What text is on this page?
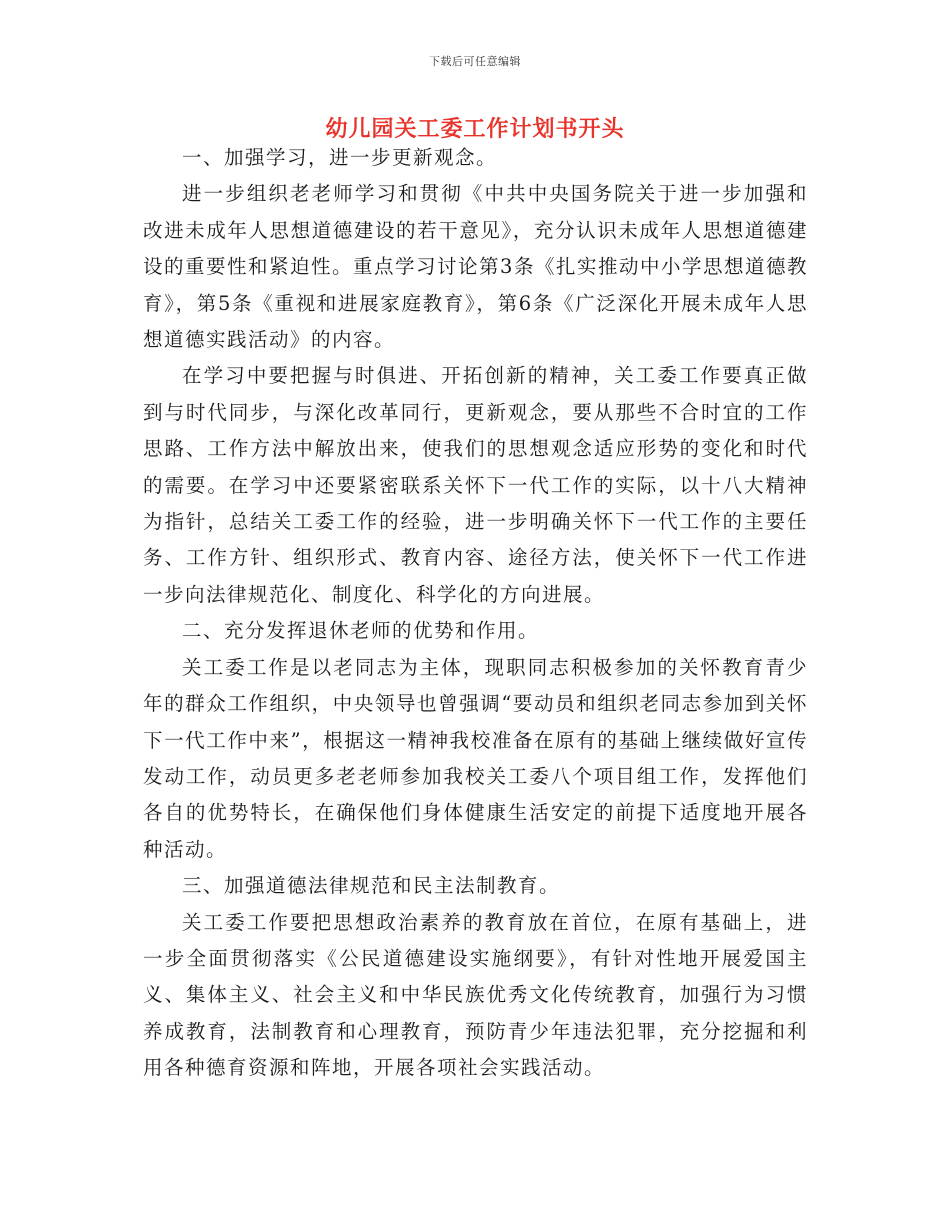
下载后可任意编辑
幼儿园关工委工作计划书开头

一、加强学习，进一步更新观念。

进一步组织老老师学习和贯彻《中共中央国务院关于进一步加强和改进未成年人思想道德建设的若干意见》，充分认识未成年人思想道德建设的重要性和紧迫性。重点学习讨论第3条《扎实推动中小学思想道德教育》，第5条《重视和进展家庭教育》，第6条《广泛深化开展未成年人思想道德实践活动》的内容。

在学习中要把握与时俱进、开拓创新的精神，关工委工作要真正做到与时代同步，与深化改革同行，更新观念，要从那些不合时宜的工作思路、工作方法中解放出来，使我们的思想观念适应形势的变化和时代的需要。在学习中还要紧密联系关怀下一代工作的实际，以十八大精神为指针，总结关工委工作的经验，进一步明确关怀下一代工作的主要任务、工作方针、组织形式、教育内容、途径方法，使关怀下一代工作进一步向法律规范化、制度化、科学化的方向进展。

二、充分发挥退休老师的优势和作用。

关工委工作是以老同志为主体，现职同志积极参加的关怀教育青少年的群众工作组织，中央领导也曾强调“要动员和组织老同志参加到关怀下一代工作中来”，根据这一精神我校准备在原有的基础上继续做好宣传发动工作，动员更多老老师参加我校关工委八个项目组工作，发挥他们各自的优势特长，在确保他们身体健康生活安定的前提下适度地开展各种活动。

三、加强道德法律规范和民主法制教育。

关工委工作要把思想政治素养的教育放在首位，在原有基础上，进一步全面贯彻落实《公民道德建设实施纲要》，有针对性地开展爱国主义、集体主义、社会主义和中华民族优秀文化传统教育，加强行为习惯养成教育，法制教育和心理教育，预防青少年违法犯罪，充分挖掘和利用各种德育资源和阵地，开展各项社会实践活动。
